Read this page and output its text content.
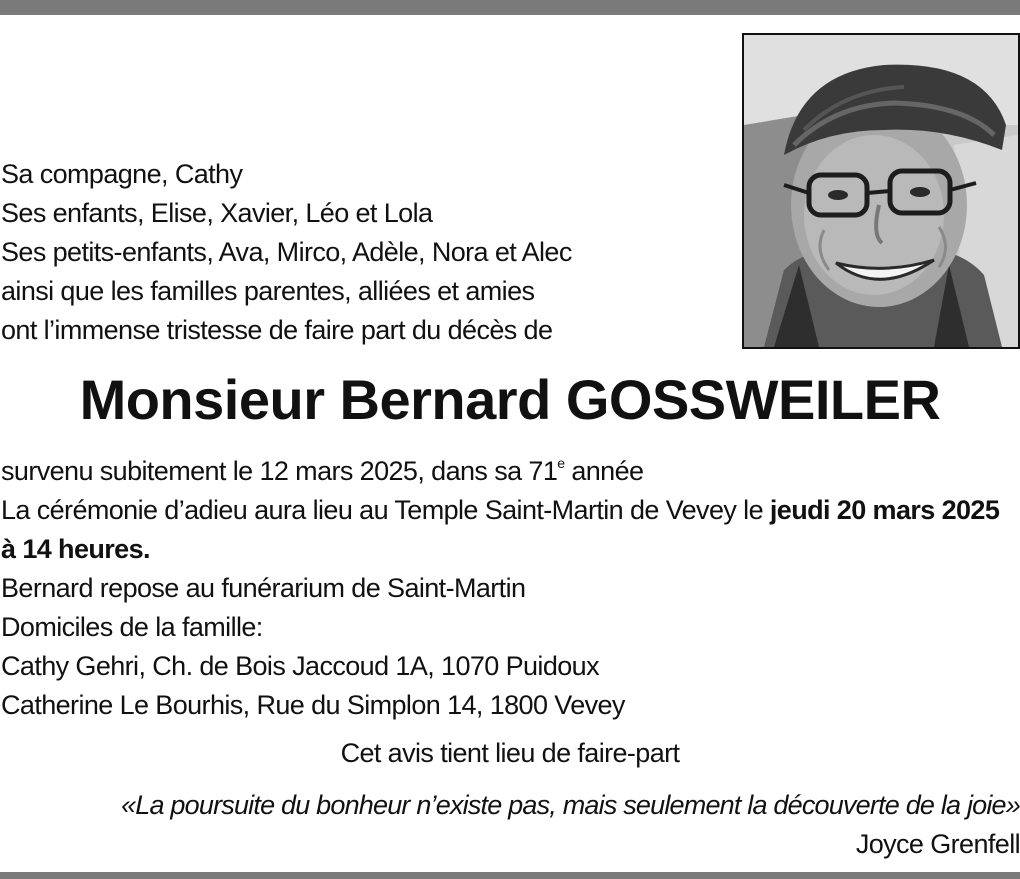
Sa compagne, Cathy
Ses enfants, Elise, Xavier, Léo et Lola
Ses petits-enfants, Ava, Mirco, Adèle, Nora et Alec
ainsi que les familles parentes, alliées et amies
ont l’immense tristesse de faire part du décès de
Monsieur Bernard GOSSWEILER
survenu subitement le 12 mars 2025, dans sa 71e année
La cérémonie d’adieu aura lieu au Temple Saint-Martin de Vevey le jeudi 20 mars 2025 à 14 heures.
Bernard repose au funérarium de Saint-Martin
Domiciles de la famille:
Cathy Gehri, Ch. de Bois Jaccoud 1A, 1070 Puidoux
Catherine Le Bourhis, Rue du Simplon 14, 1800 Vevey
Cet avis tient lieu de faire-part
«La poursuite du bonheur n’existe pas, mais seulement la découverte de la joie»
Joyce Grenfell
